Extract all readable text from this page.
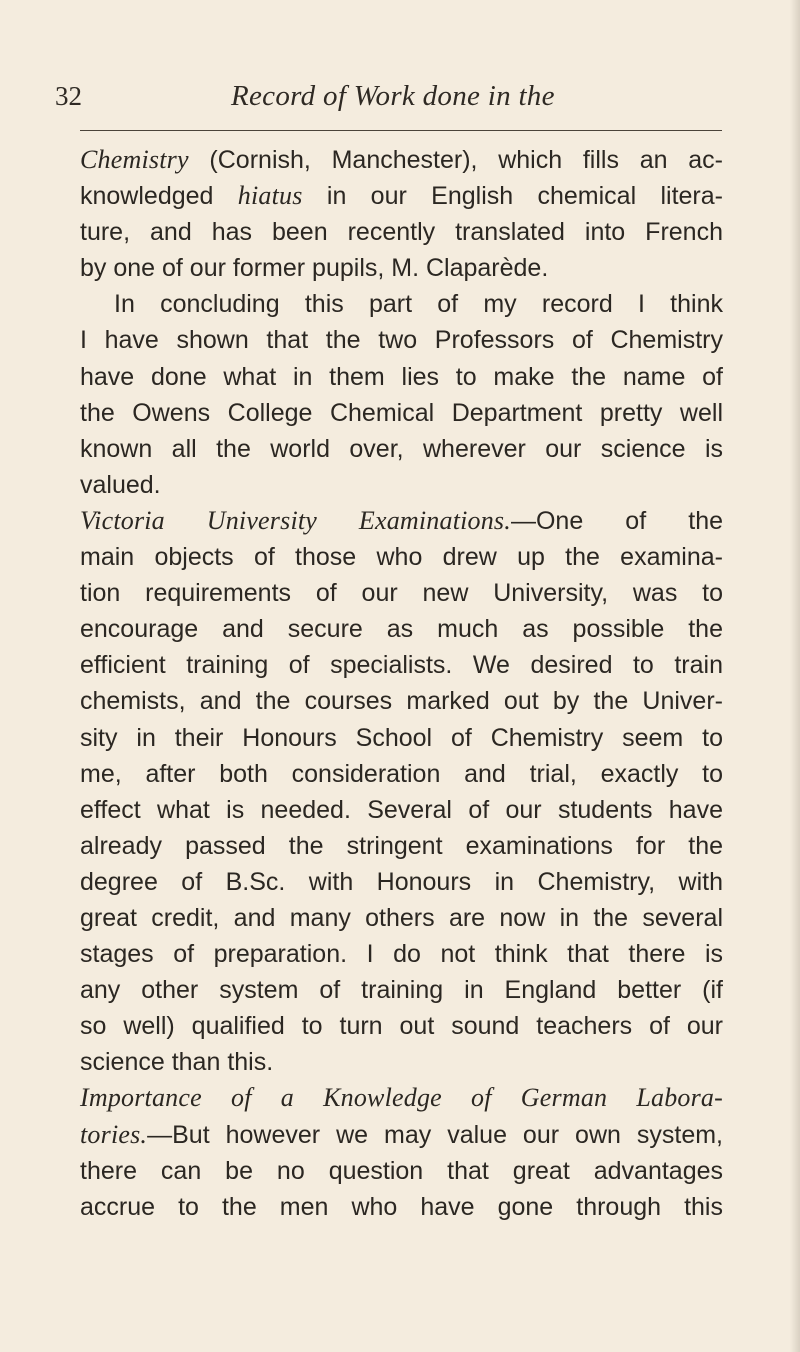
32	Record of Work done in the
Chemistry (Cornish, Manchester), which fills an ac-
knowledged hiatus in our English chemical litera-
ture, and has been recently translated into French
by one of our former pupils, M. Claparède.
In concluding this part of my record I think
I have shown that the two Professors of Chemistry
have done what in them lies to make the name of
the Owens College Chemical Department pretty well
known all the world over, wherever our science is
valued.
Victoria University Examinations.—One of the
main objects of those who drew up the examina-
tion requirements of our new University, was to
encourage and secure as much as possible the
efficient training of specialists. We desired to train
chemists, and the courses marked out by the Univer-
sity in their Honours School of Chemistry seem to
me, after both consideration and trial, exactly to
effect what is needed. Several of our students have
already passed the stringent examinations for the
degree of B.Sc. with Honours in Chemistry, with
great credit, and many others are now in the several
stages of preparation. I do not think that there is
any other system of training in England better (if
so well) qualified to turn out sound teachers of our
science than this.
Importance of a Knowledge of German Labora-
tories.—But however we may value our own system,
there can be no question that great advantages
accrue to the men who have gone through this
